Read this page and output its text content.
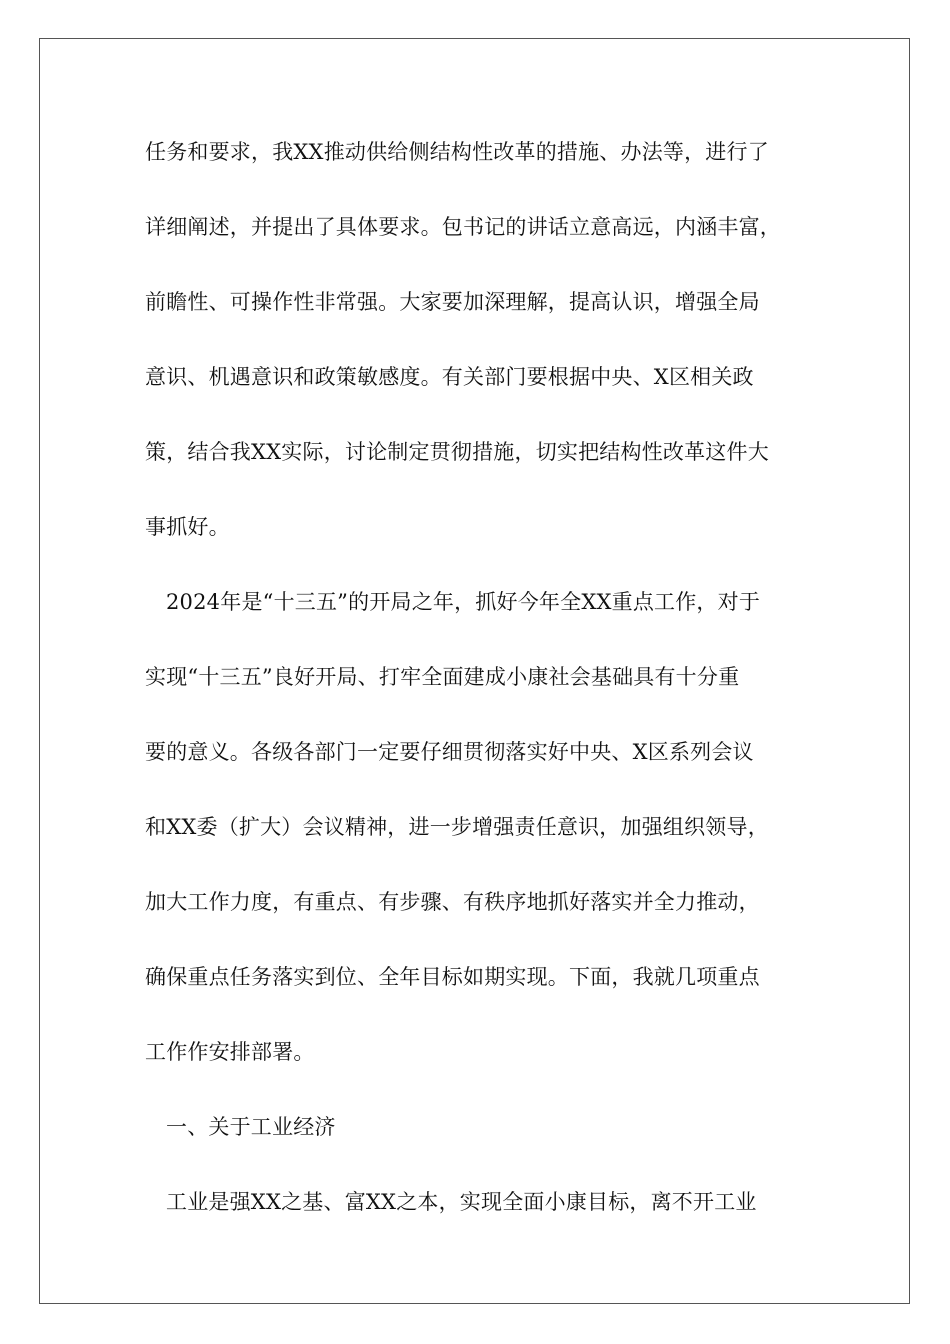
任务和要求，我XX推动供给侧结构性改革的措施、办法等，进行了
详细阐述，并提出了具体要求。包书记的讲话立意高远，内涵丰富，
前瞻性、可操作性非常强。大家要加深理解，提高认识，增强全局
意识、机遇意识和政策敏感度。有关部门要根据中央、X区相关政
策，结合我XX实际，讨论制定贯彻措施，切实把结构性改革这件大
事抓好。
2024年是“十三五”的开局之年，抓好今年全XX重点工作，对于
实现“十三五”良好开局、打牢全面建成小康社会基础具有十分重
要的意义。各级各部门一定要仔细贯彻落实好中央、X区系列会议
和XX委（扩大）会议精神，进一步增强责任意识，加强组织领导，
加大工作力度，有重点、有步骤、有秩序地抓好落实并全力推动，
确保重点任务落实到位、全年目标如期实现。下面，我就几项重点
工作作安排部署。
一、关于工业经济
工业是强XX之基、富XX之本，实现全面小康目标，离不开工业
